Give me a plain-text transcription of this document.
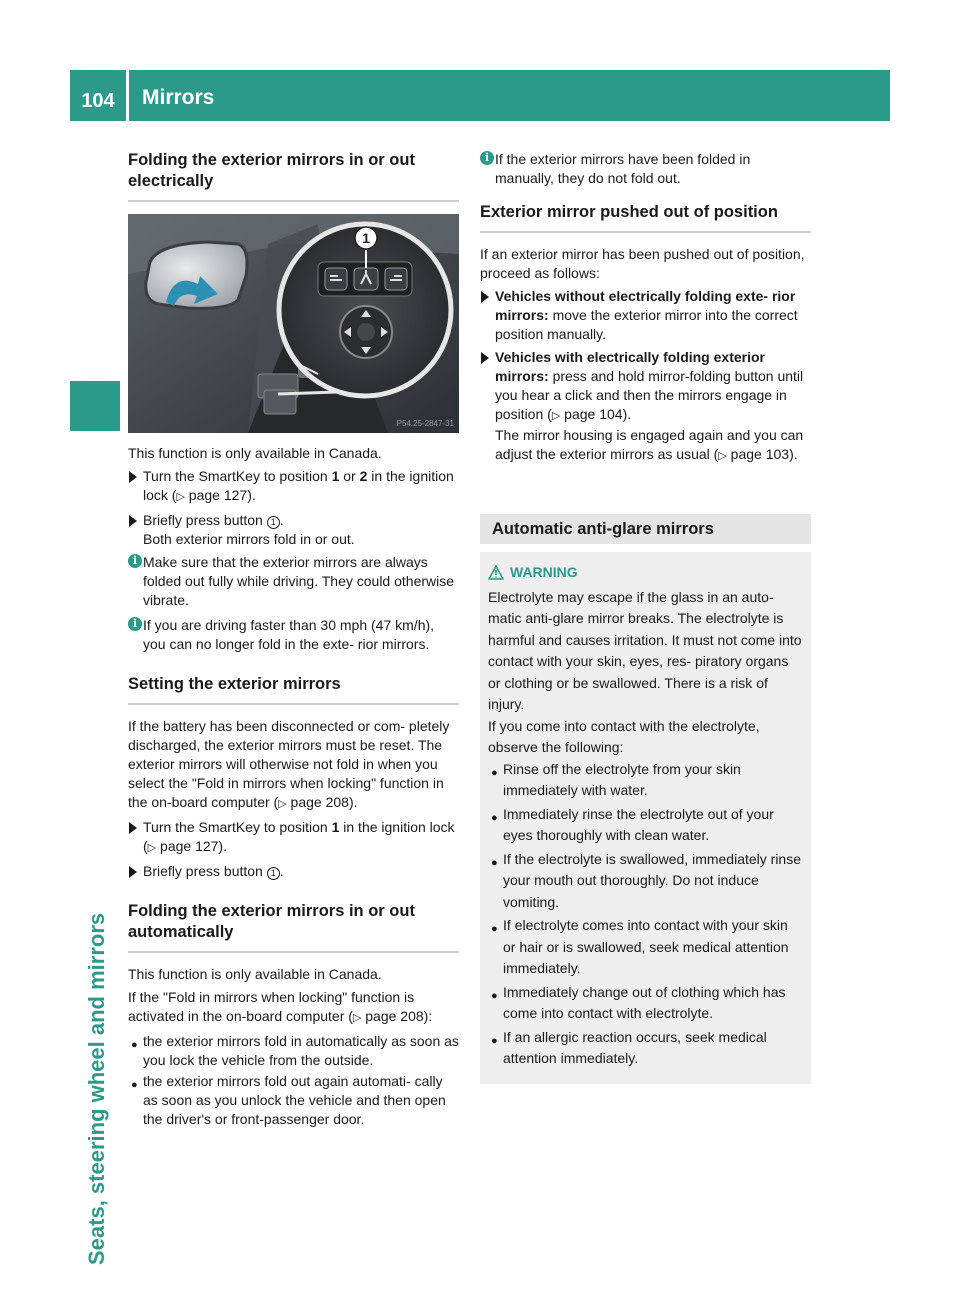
104	Mirrors
Seats, steering wheel and mirrors
Folding the exterior mirrors in or out
electrically
1
P54.25-2847-31

This function is only available in Canada.

Turn the SmartKey to position 1 or 2 in the ignition lock (▷ page 127).
Briefly press button 1 .
Both exterior mirrors fold in or out.
i Make sure that the exterior mirrors are always folded out fully while driving. They could otherwise vibrate.
i If you are driving faster than 30 mph (47 km/h), you can no longer fold in the exte- rior mirrors.
Setting the exterior mirrors

If the battery has been disconnected or com- pletely discharged, the exterior mirrors must be reset. The exterior mirrors will otherwise not fold in when you select the "Fold in mirrors when locking" function in the on-board computer (▷ page 208).

Turn the SmartKey to position 1 in the ignition lock (▷ page 127).
Briefly press button 1 .
Folding the exterior mirrors in or out
automatically

This function is only available in Canada.

If the "Fold in mirrors when locking" function is activated in the on-board computer (▷ page 208):

● the exterior mirrors fold in automatically as soon as you lock the vehicle from the outside.
● the exterior mirrors fold out again automati- cally as soon as you unlock the vehicle and then open the driver's or front-passenger door.
i If the exterior mirrors have been folded in manually, they do not fold out.
Exterior mirror pushed out of position

If an exterior mirror has been pushed out of position, proceed as follows:

Vehicles without electrically folding exte- rior mirrors: move the exterior mirror into the correct position manually.
Vehicles with electrically folding exterior mirrors: press and hold mirror-folding button until you hear a click and then the mirrors engage in position (▷ page 104).
The mirror housing is engaged again and you can adjust the exterior mirrors as usual (▷ page 103).
Automatic anti-glare mirrors
WARNING

Electrolyte may escape if the glass in an auto- matic anti-glare mirror breaks. The electrolyte is harmful and causes irritation. It must not come into contact with your skin, eyes, res- piratory organs or clothing or be swallowed. There is a risk of injury.

If you come into contact with the electrolyte, observe the following:

● Rinse off the electrolyte from your skin immediately with water.
● Immediately rinse the electrolyte out of your eyes thoroughly with clean water.
● If the electrolyte is swallowed, immediately rinse your mouth out thoroughly. Do not induce vomiting.
● If electrolyte comes into contact with your skin or hair or is swallowed, seek medical attention immediately.
● Immediately change out of clothing which has come into contact with electrolyte.
● If an allergic reaction occurs, seek medical attention immediately.
